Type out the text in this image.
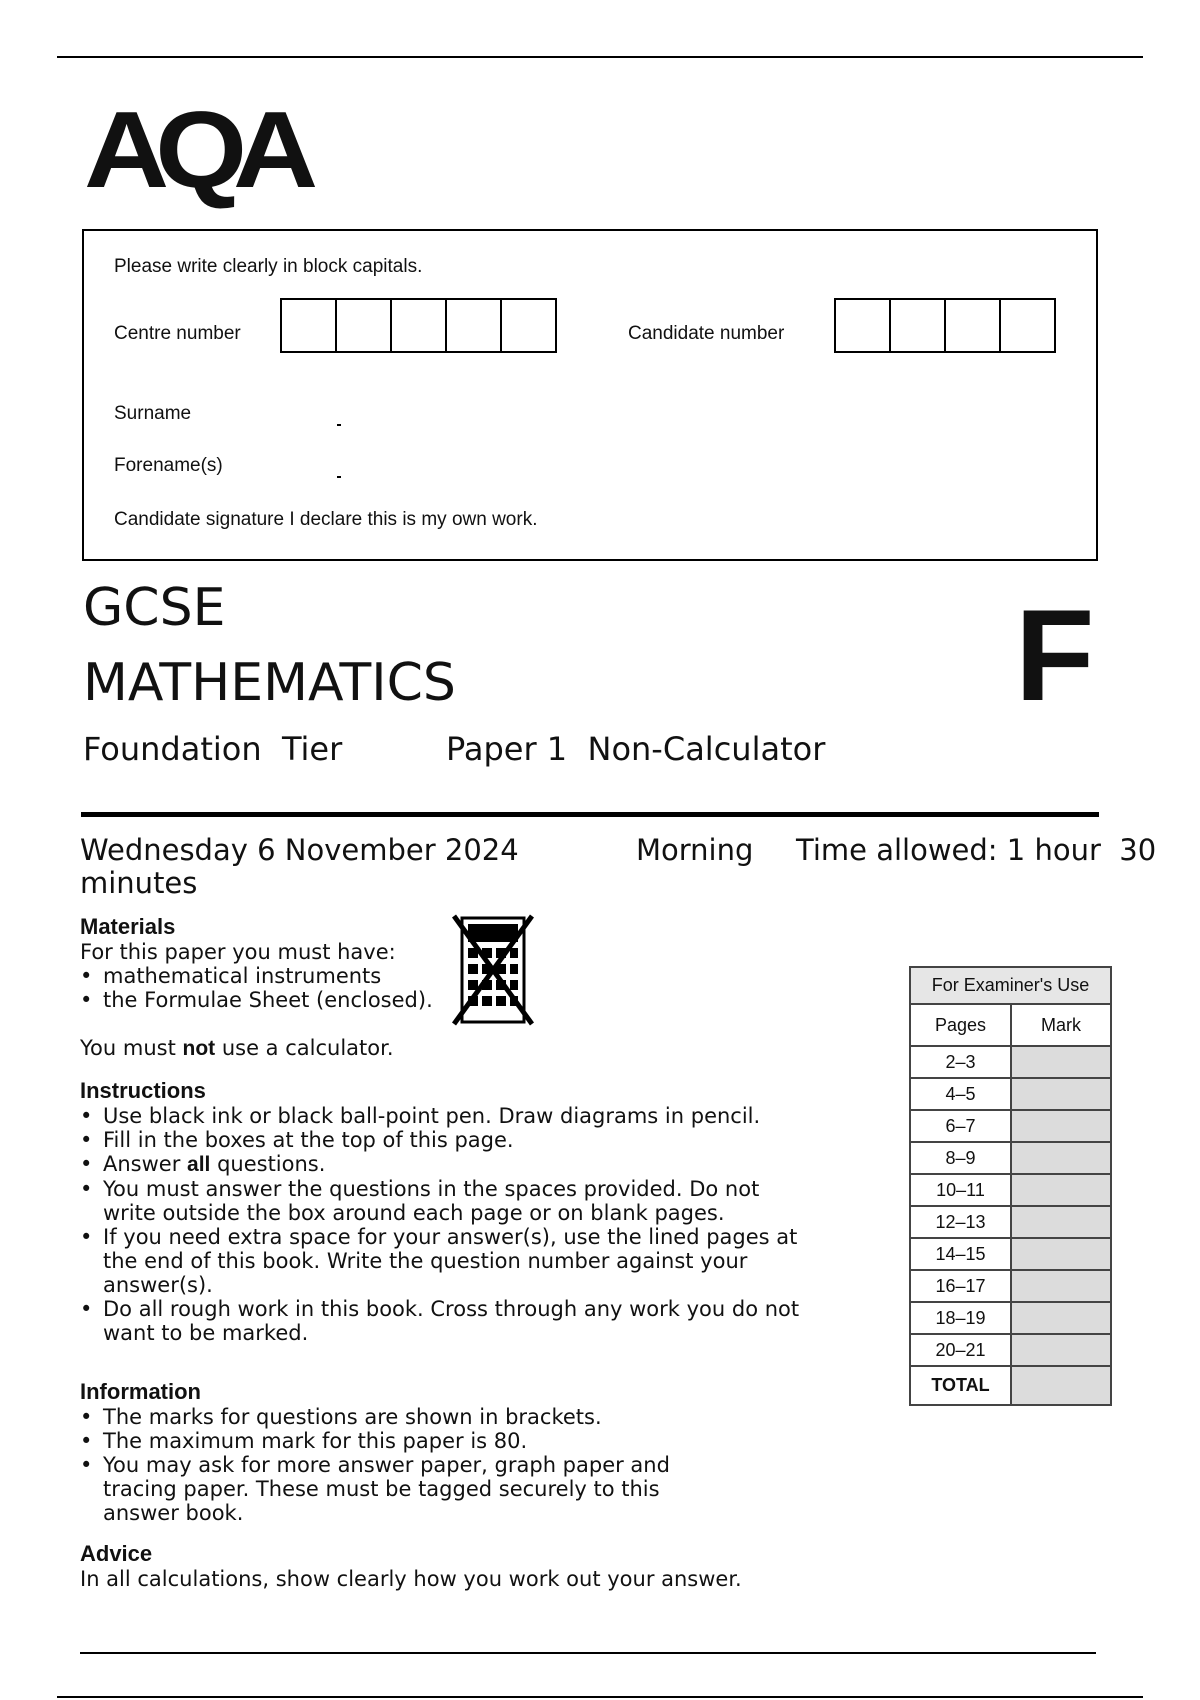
AQA
Please write clearly in block capitals.
Centre number	Candidate number
Surname
Forename(s)
Candidate signature I declare this is my own work.
GCSE
MATHEMATICS	F
Foundation  Tier	Paper 1  Non-Calculator
Wednesday 6 November 2024	Morning Time allowed: 1 hour  30
minutes
Materials
For this paper you must have:
• mathematical instruments
• the Formulae Sheet (enclosed).
You must not use a calculator.
Instructions
• Use black ink or black ball-point pen. Draw diagrams in pencil.
• Fill in the boxes at the top of this page.
• Answer all questions.
• You must answer the questions in the spaces provided. Do not write outside the box around each page or on blank pages.
• If you need extra space for your answer(s), use the lined pages at the end of this book. Write the question number against your answer(s).
• Do all rough work in this book. Cross through any work you do not want to be marked.
Information
• The marks for questions are shown in brackets.
• The maximum mark for this paper is 80.
• You may ask for more answer paper, graph paper and tracing paper. These must be tagged securely to this answer book.
Advice
In all calculations, show clearly how you work out your answer.
For Examiner's Use	
Pages	Mark
2–3	
4–5	
6–7	
8–9	
10–11	
12–13	
14–15	
16–17	
18–19	
20–21	
TOTAL	
